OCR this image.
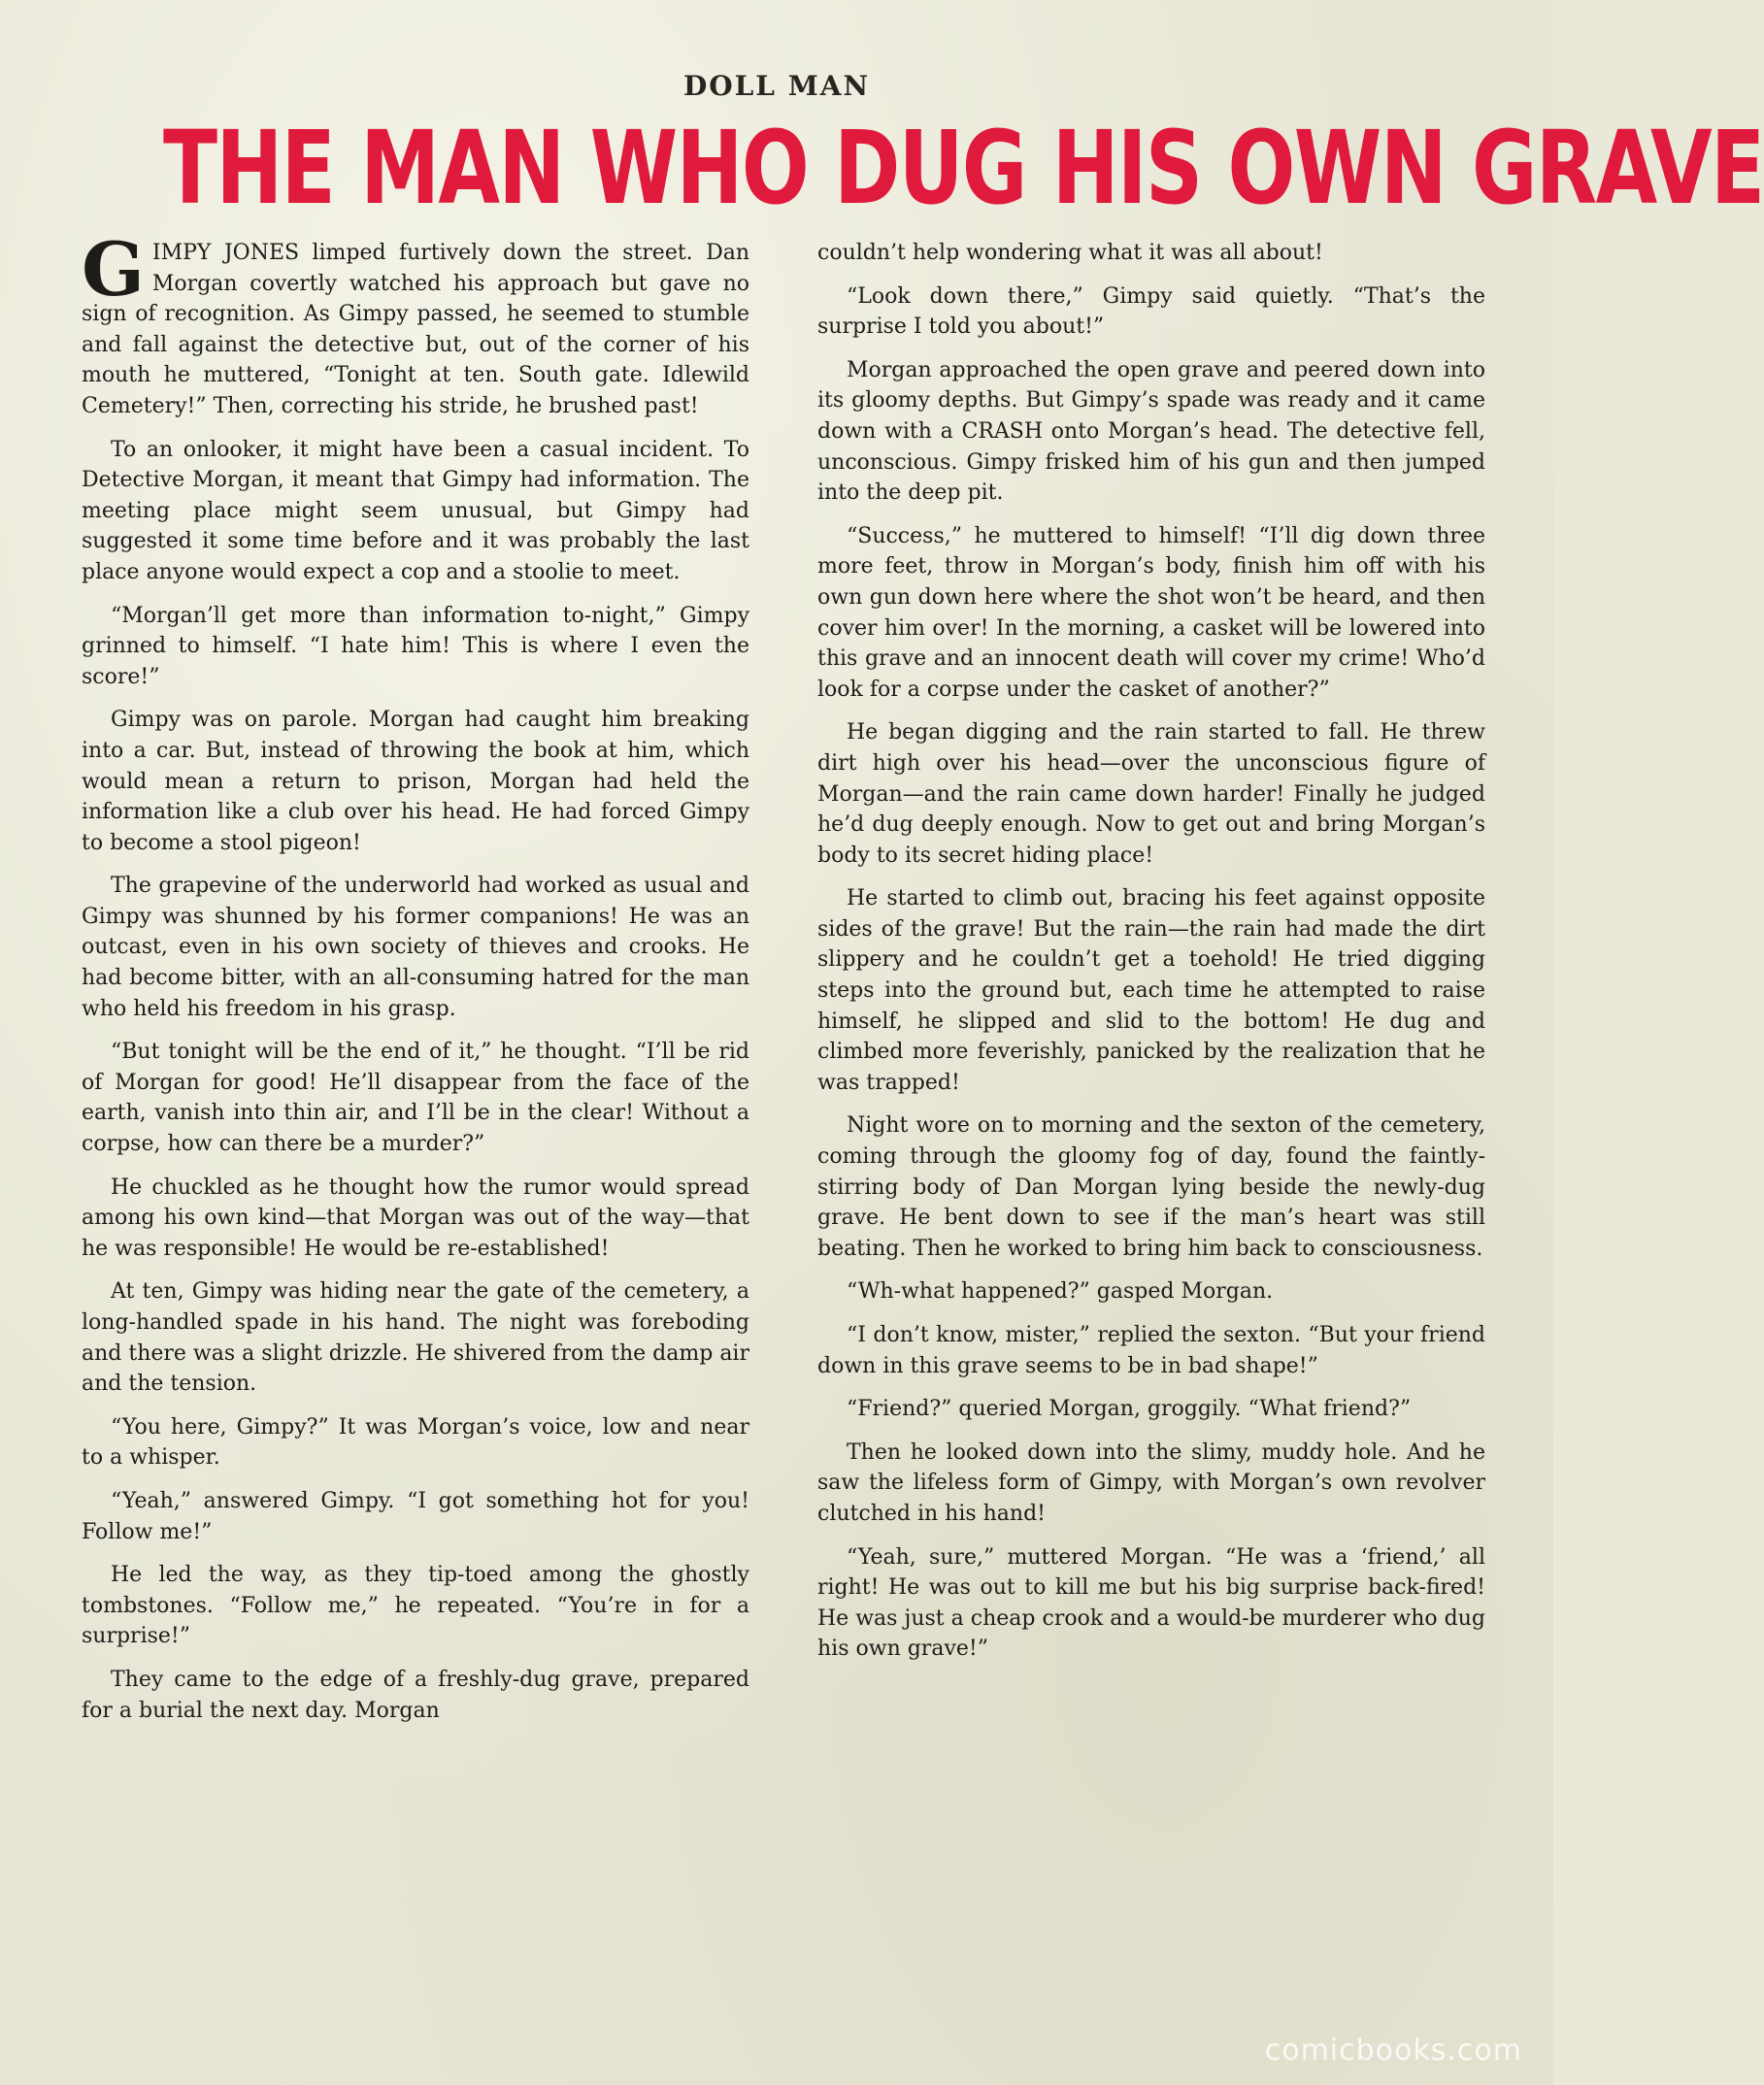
DOLL MAN
THE MAN WHO DUG HIS OWN GRAVE

GIMPY JONES limped furtively down the street. Dan Morgan covertly watched his approach but gave no sign of recognition. As Gimpy passed, he seemed to stumble and fall against the detective but, out of the corner of his mouth he muttered, “Tonight at ten. South gate. Idlewild Cemetery!” Then, correcting his stride, he brushed past!

To an onlooker, it might have been a casual incident. To Detective Morgan, it meant that Gimpy had information. The meeting place might seem unusual, but Gimpy had suggested it some time before and it was probably the last place anyone would expect a cop and a stoolie to meet.

“Morgan’ll get more than information to-night,” Gimpy grinned to himself. “I hate him! This is where I even the score!”

Gimpy was on parole. Morgan had caught him breaking into a car. But, instead of throwing the book at him, which would mean a return to prison, Morgan had held the information like a club over his head. He had forced Gimpy to become a stool pigeon!

The grapevine of the underworld had worked as usual and Gimpy was shunned by his former companions! He was an outcast, even in his own society of thieves and crooks. He had become bitter, with an all-consuming hatred for the man who held his freedom in his grasp.

“But tonight will be the end of it,” he thought. “I’ll be rid of Morgan for good! He’ll disappear from the face of the earth, vanish into thin air, and I’ll be in the clear! Without a corpse, how can there be a murder?”

He chuckled as he thought how the rumor would spread among his own kind—that Morgan was out of the way—that he was responsible! He would be re-established!

At ten, Gimpy was hiding near the gate of the cemetery, a long-handled spade in his hand. The night was foreboding and there was a slight drizzle. He shivered from the damp air and the tension.

“You here, Gimpy?” It was Morgan’s voice, low and near to a whisper.

“Yeah,” answered Gimpy. “I got something hot for you! Follow me!”

He led the way, as they tip-toed among the ghostly tombstones. “Follow me,” he repeated. “You’re in for a surprise!”

They came to the edge of a freshly-dug grave, prepared for a burial the next day. Morgan

couldn’t help wondering what it was all about!

“Look down there,” Gimpy said quietly. “That’s the surprise I told you about!”

Morgan approached the open grave and peered down into its gloomy depths. But Gimpy’s spade was ready and it came down with a CRASH onto Morgan’s head. The detective fell, unconscious. Gimpy frisked him of his gun and then jumped into the deep pit.

“Success,” he muttered to himself! “I’ll dig down three more feet, throw in Morgan’s body, finish him off with his own gun down here where the shot won’t be heard, and then cover him over! In the morning, a casket will be lowered into this grave and an innocent death will cover my crime! Who’d look for a corpse under the casket of another?”

He began digging and the rain started to fall. He threw dirt high over his head—over the unconscious figure of Morgan—and the rain came down harder! Finally he judged he’d dug deeply enough. Now to get out and bring Morgan’s body to its secret hiding place!

He started to climb out, bracing his feet against opposite sides of the grave! But the rain—the rain had made the dirt slippery and he couldn’t get a toehold! He tried digging steps into the ground but, each time he attempted to raise himself, he slipped and slid to the bottom! He dug and climbed more feverishly, panicked by the realization that he was trapped!

Night wore on to morning and the sexton of the cemetery, coming through the gloomy fog of day, found the faintly-stirring body of Dan Morgan lying beside the newly-dug grave. He bent down to see if the man’s heart was still beating. Then he worked to bring him back to consciousness.

“Wh-what happened?” gasped Morgan.

“I don’t know, mister,” replied the sexton. “But your friend down in this grave seems to be in bad shape!”

“Friend?” queried Morgan, groggily. “What friend?”

Then he looked down into the slimy, muddy hole. And he saw the lifeless form of Gimpy, with Morgan’s own revolver clutched in his hand!

“Yeah, sure,” muttered Morgan. “He was a ‘friend,’ all right! He was out to kill me but his big surprise back-fired! He was just a cheap crook and a would-be murderer who dug his own grave!”

comicbooks.com
